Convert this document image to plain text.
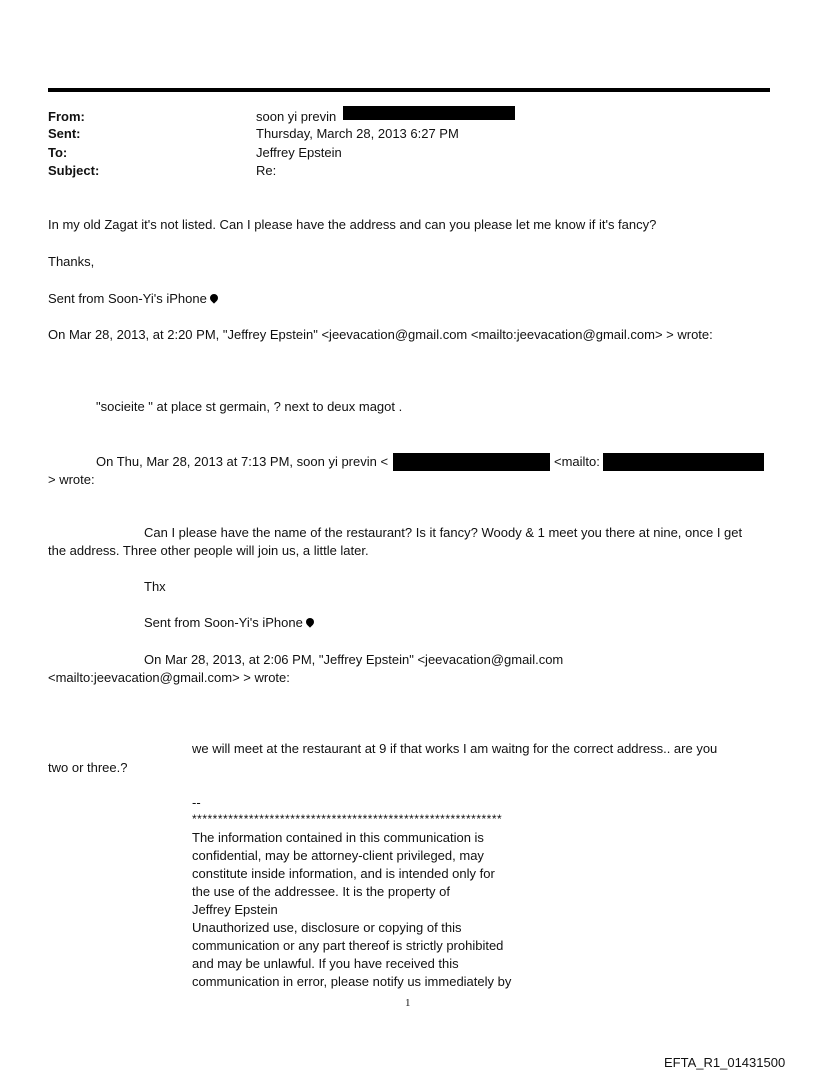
From:	soon yi previn
Sent:	Thursday, March 28, 2013 6:27 PM
To:	Jeffrey Epstein
Subject:	Re:
In my old Zagat it's not listed. Can I please have the address and can you please let me know if it's fancy?
Thanks,
Sent from Soon-Yi's iPhone
On Mar 28, 2013, at 2:20 PM, "Jeffrey Epstein" <jeevacation@gmail.com <mailto:jeevacation@gmail.com> > wrote:
"socieite " at place st germain, ? next to deux magot .
On Thu, Mar 28, 2013 at 7:13 PM, soon yi previn <	<mailto:
> wrote:
Can I please have the name of the restaurant? Is it fancy? Woody & 1 meet you there at nine, once I get
the address. Three other people will join us, a little later.
Thx
Sent from Soon-Yi's iPhone
On Mar 28, 2013, at 2:06 PM, "Jeffrey Epstein" <jeevacation@gmail.com
<mailto:jeevacation@gmail.com> > wrote:
we will meet at the restaurant at 9 if that works I am waitng for the correct address.. are you
two or three.?
--
************************************************************
The information contained in this communication is
confidential, may be attorney-client privileged, may
constitute inside information, and is intended only for
the use of the addressee. It is the property of
Jeffrey Epstein
Unauthorized use, disclosure or copying of this
communication or any part thereof is strictly prohibited
and may be unlawful. If you have received this
communication in error, please notify us immediately by
1
EFTA_R1_01431500
